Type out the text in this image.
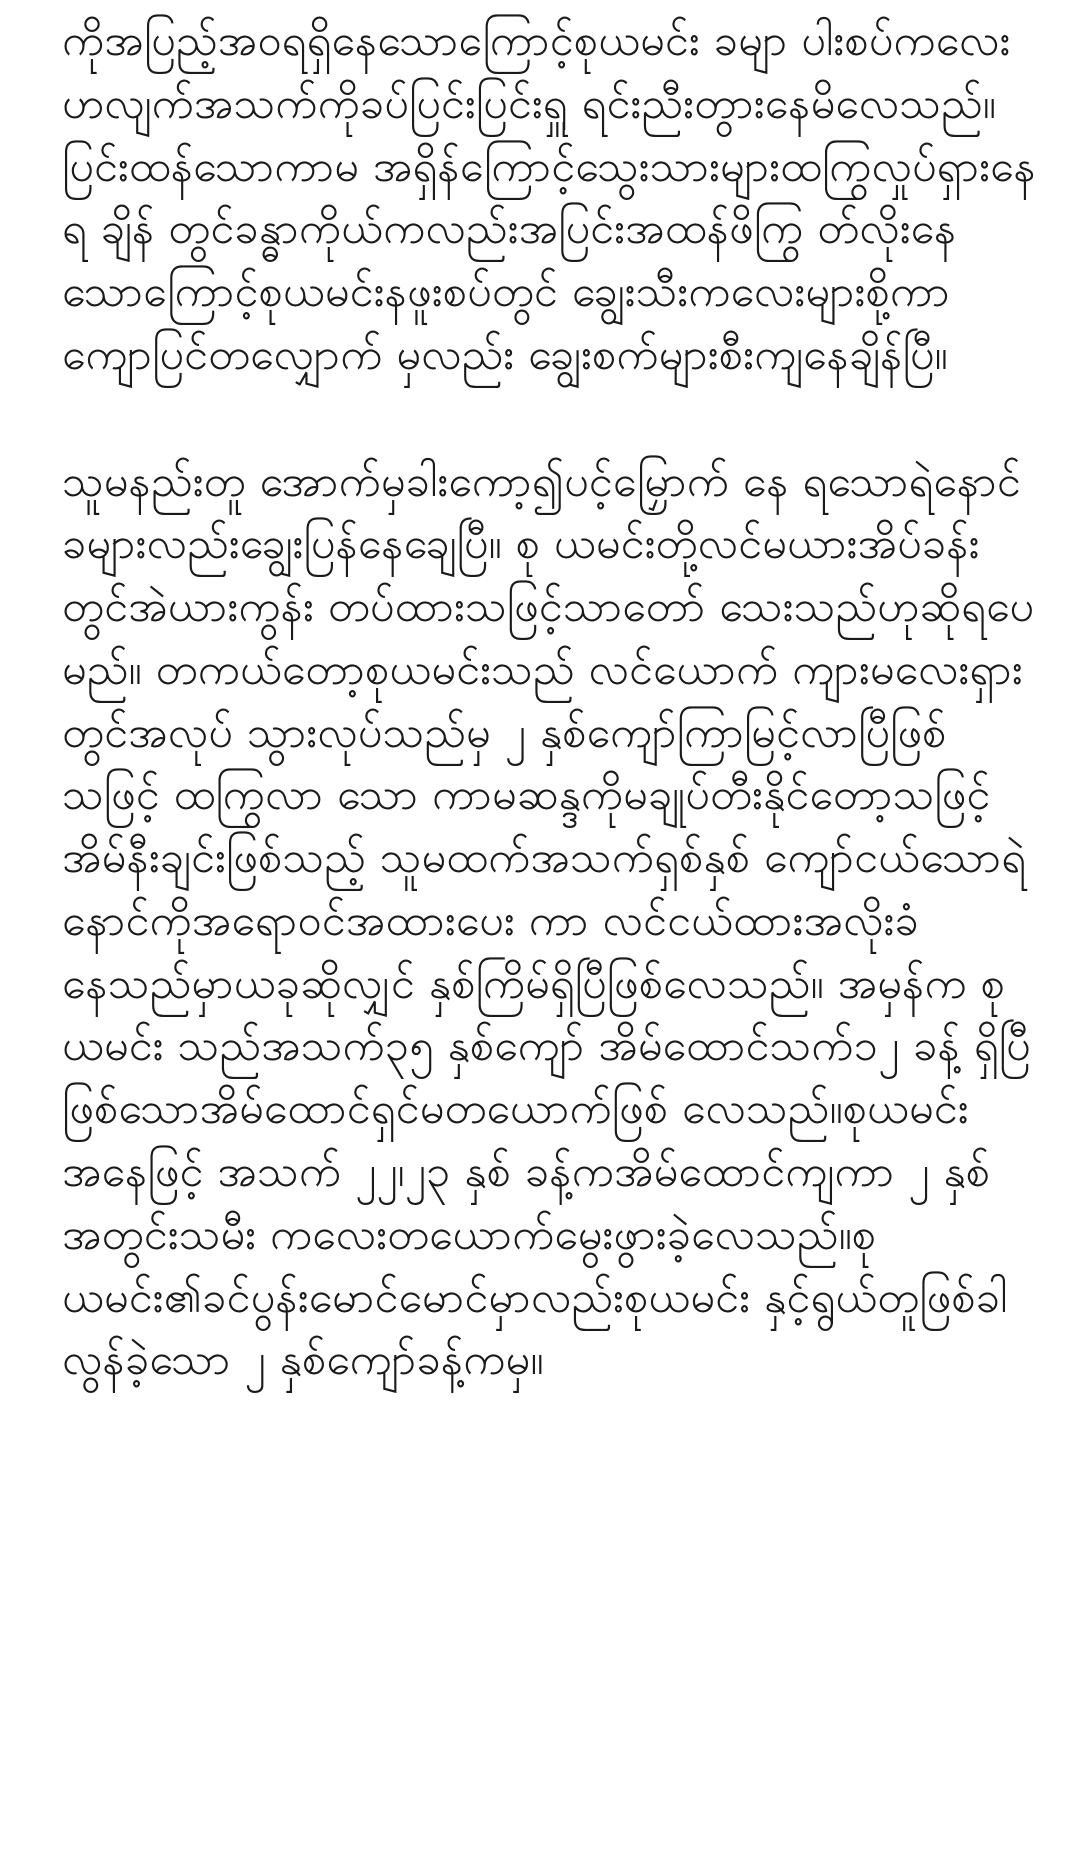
ကိုအပြည့်အဝရရှိနေသောကြောင့်စုယမင်း ခမျာ ပါးစပ်ကလေးဟလျက်အသက်ကိုခပ်ပြင်းပြင်းရှူ ရင်းညီးတွားနေမိလေသည်။ ပြင်းထန်သောကာမ အရှိန်ကြောင့်သွေးသားများထကြွလှုပ်ရှားနေရ ချိန် တွင်ခန္ဓာကိုယ်ကလည်းအပြင်းအထန်ဖိကြွ တ်လိုးနေသောကြောင့်စုယမင်းနဖူးစပ်တွင် ချွေးသီးကလေးများစို့ကာ ကျောပြင်တလျှောက် မှလည်း ချွေးစက်များစီးကျနေချိန်ပြီ။

သူမနည်းတူ အောက်မှခါးကော့၍ပင့်မြှောက် နေ ရသောရဲနောင်ခများလည်းချွေးပြန်နေချေပြီ။ စု ယမင်းတို့လင်မယားအိပ်ခန်းတွင်အဲယားကွန်း တပ်ထားသဖြင့်သာတော် သေးသည်ဟုဆိုရပေ မည်။ တကယ်တော့စုယမင်းသည် လင်ယောက် ကျားမလေးရှားတွင်အလုပ် သွားလုပ်သည်မှ ၂ နှစ်ကျော်ကြာမြင့်လာပြီဖြစ်သဖြင့် ထကြွလာ သော ကာမဆန္ဒကိုမချုပ်တီးနိုင်တော့သဖြင့် အိမ်နီးချင်းဖြစ်သည့် သူမထက်အသက်ရှစ်နှစ် ကျော်ငယ်သောရဲနောင်ကိုအရောဝင်အထားပေး ကာ လင်ငယ်ထားအလိုးခံနေသည်မှာယခုဆိုလျှင် နှစ်ကြိမ်ရှိပြီဖြစ်လေသည်။ အမှန်က စုယမင်း သည်အသက်၃၅ နှစ်ကျော် အိမ်ထောင်သက်၁၂ ခန့် ရှိပြီဖြစ်သောအိမ်ထောင်ရှင်မတယောက်ဖြစ် လေသည်။စုယမင်းအနေဖြင့် အသက် ၂၂၊၂၃ နှစ် ခန့်ကအိမ်ထောင်ကျကာ ၂ နှစ်အတွင်းသမီး ကလေးတယောက်မွေးဖွားခဲ့လေသည်။စု ယမင်း၏ခင်ပွန်းမောင်မောင်မှာလည်းစုယမင်း နှင့်ရွယ်တူဖြစ်ခါ လွန်ခဲ့သော ၂ နှစ်ကျော်ခန့်ကမှ။
